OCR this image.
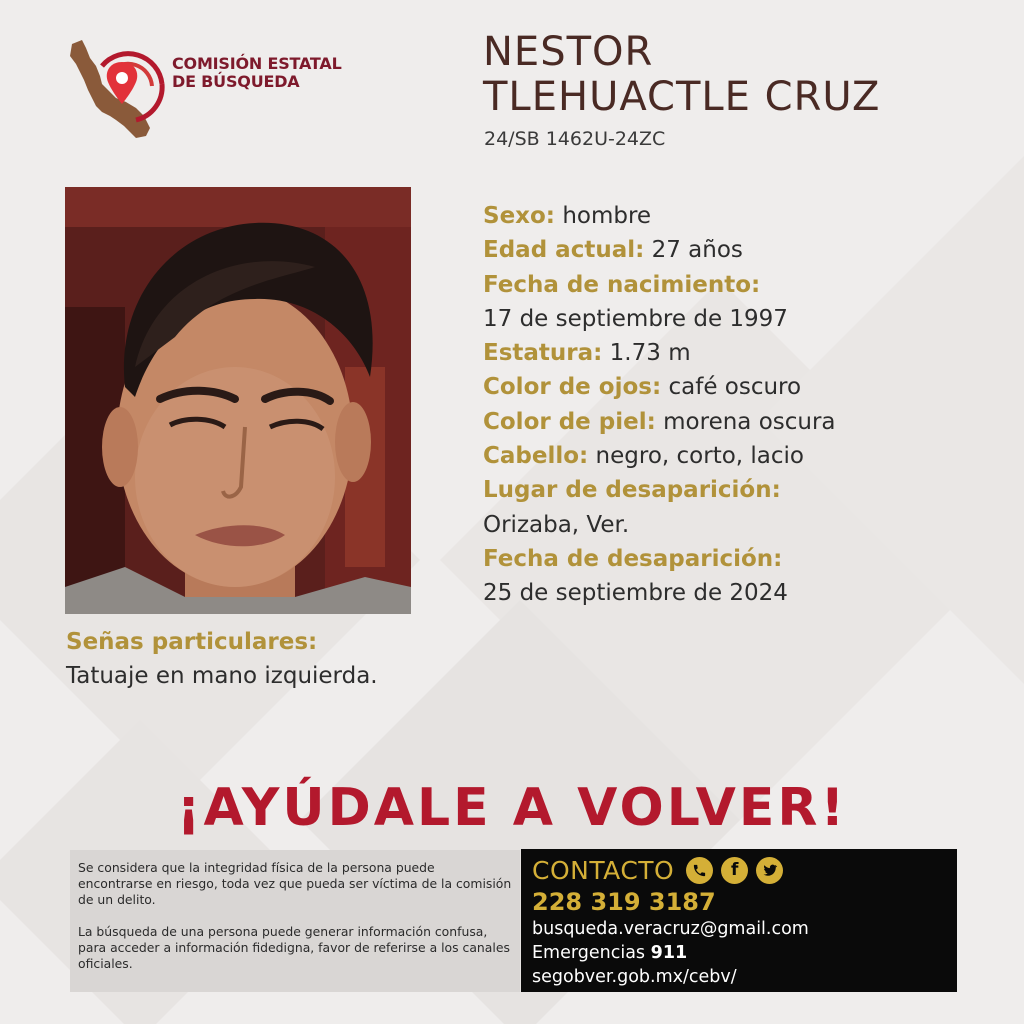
COMISIÓN ESTATAL
DE BÚSQUEDA
NESTOR
TLEHUACTLE CRUZ
24/SB 1462U-24ZC
Sexo: hombre
Edad actual: 27 años
Fecha de nacimiento:
17 de septiembre de 1997
Estatura: 1.73 m
Color de ojos: café oscuro
Color de piel: morena oscura
Cabello: negro, corto, lacio
Lugar de desaparición:
Orizaba, Ver.
Fecha de desaparición:
25 de septiembre de 2024
Señas particulares:
Tatuaje en mano izquierda.
¡AYÚDALE A VOLVER!

Se considera que la integridad física de la persona puede encontrarse en riesgo, toda vez que pueda ser víctima de la comisión de un delito.

La búsqueda de una persona puede generar información confusa, para acceder a información fidedigna, favor de referirse a los canales oficiales.

CONTACTO	f
228 319 3187
busqueda.veracruz@gmail.com
Emergencias 911
segobver.gob.mx/cebv/
